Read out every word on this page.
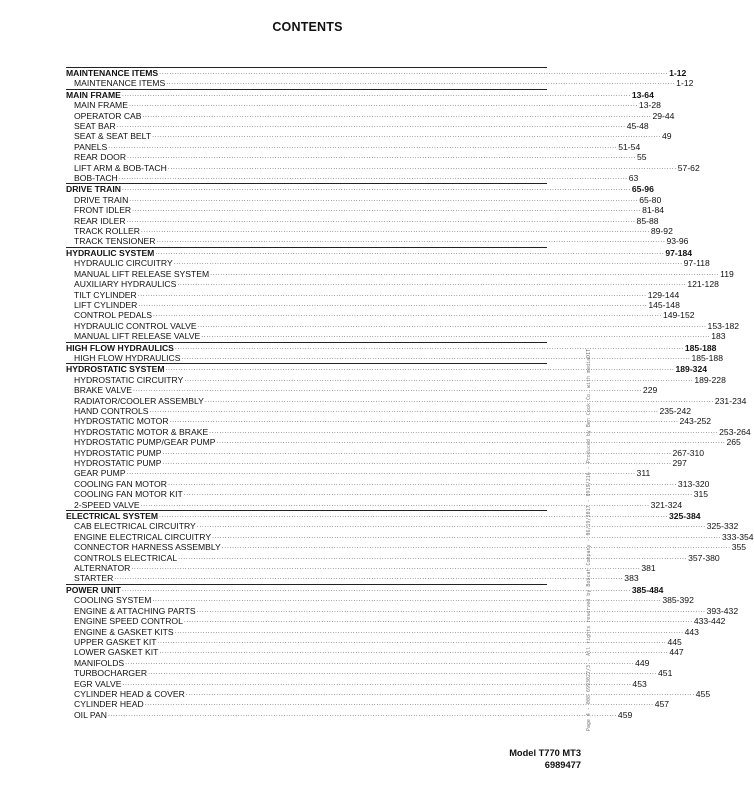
CONTENTS
MAINTENANCE ITEMS ........................................................................................................................................................................................................ 1-12
MAINTENANCE ITEMS ........................................................................................................................................................................................................ 1-12
MAIN FRAME ........................................................................................................................................................................................................ 13-64
MAIN FRAME ........................................................................................................................................................................................................ 13-28
OPERATOR CAB ........................................................................................................................................................................................................ 29-44
SEAT BAR ........................................................................................................................................................................................................ 45-48
SEAT & SEAT BELT ........................................................................................................................................................................................................ 49
PANELS ........................................................................................................................................................................................................ 51-54
REAR DOOR ........................................................................................................................................................................................................ 55
LIFT ARM & BOB-TACH ........................................................................................................................................................................................................ 57-62
BOB-TACH ........................................................................................................................................................................................................ 63
DRIVE TRAIN ........................................................................................................................................................................................................ 65-96
DRIVE TRAIN ........................................................................................................................................................................................................ 65-80
FRONT IDLER ........................................................................................................................................................................................................ 81-84
REAR IDLER ........................................................................................................................................................................................................ 85-88
TRACK ROLLER ........................................................................................................................................................................................................ 89-92
TRACK TENSIONER ........................................................................................................................................................................................................ 93-96
HYDRAULIC SYSTEM ........................................................................................................................................................................................................ 97-184
HYDRAULIC CIRCUITRY ........................................................................................................................................................................................................ 97-118
MANUAL LIFT RELEASE SYSTEM ........................................................................................................................................................................................................ 119
AUXILIARY HYDRAULICS ........................................................................................................................................................................................................ 121-128
TILT CYLINDER ........................................................................................................................................................................................................ 129-144
LIFT CYLINDER ........................................................................................................................................................................................................ 145-148
CONTROL PEDALS ........................................................................................................................................................................................................ 149-152
HYDRAULIC CONTROL VALVE ........................................................................................................................................................................................................ 153-182
MANUAL LIFT RELEASE VALVE ........................................................................................................................................................................................................ 183
HIGH FLOW HYDRAULICS ........................................................................................................................................................................................................ 185-188
HIGH FLOW HYDRAULICS ........................................................................................................................................................................................................ 185-188
HYDROSTATIC SYSTEM ........................................................................................................................................................................................................ 189-324
HYDROSTATIC CIRCUITRY ........................................................................................................................................................................................................ 189-228
BRAKE VALVE ........................................................................................................................................................................................................ 229
RADIATOR/COOLER ASSEMBLY ........................................................................................................................................................................................................ 231-234
HAND CONTROLS ........................................................................................................................................................................................................ 235-242
HYDROSTATIC MOTOR ........................................................................................................................................................................................................ 243-252
HYDROSTATIC MOTOR & BRAKE ........................................................................................................................................................................................................ 253-264
HYDROSTATIC PUMP/GEAR PUMP ........................................................................................................................................................................................................ 265
HYDROSTATIC PUMP ........................................................................................................................................................................................................ 267-310
HYDROSTATIC PUMP ........................................................................................................................................................................................................ 297
GEAR PUMP ........................................................................................................................................................................................................ 311
COOLING FAN MOTOR ........................................................................................................................................................................................................ 313-320
COOLING FAN MOTOR KIT ........................................................................................................................................................................................................ 315
2-SPEED VALVE ........................................................................................................................................................................................................ 321-324
ELECTRICAL SYSTEM ........................................................................................................................................................................................................ 325-384
CAB ELECTRICAL CIRCUITRY ........................................................................................................................................................................................................ 325-332
ENGINE ELECTRICAL CIRCUITRY ........................................................................................................................................................................................................ 333-354
CONNECTOR HARNESS ASSEMBLY ........................................................................................................................................................................................................ 355
CONTROLS ELECTRICAL ........................................................................................................................................................................................................ 357-380
ALTERNATOR ........................................................................................................................................................................................................ 381
STARTER ........................................................................................................................................................................................................ 383
POWER UNIT ........................................................................................................................................................................................................ 385-484
COOLING SYSTEM ........................................................................................................................................................................................................ 385-392
ENGINE & ATTACHING PARTS ........................................................................................................................................................................................................ 393-432
ENGINE SPEED CONTROL ........................................................................................................................................................................................................ 433-442
ENGINE & GASKET KITS ........................................................................................................................................................................................................ 443
UPPER GASKET KIT ........................................................................................................................................................................................................ 445
LOWER GASKET KIT ........................................................................................................................................................................................................ 447
MANIFOLDS ........................................................................................................................................................................................................ 449
TURBOCHARGER ........................................................................................................................................................................................................ 451
EGR VALVE ........................................................................................................................................................................................................ 453
CYLINDER HEAD & COVER ........................................................................................................................................................................................................ 455
CYLINDER HEAD ........................................................................................................................................................................................................ 457
OIL PAN ........................................................................................................................................................................................................ 459
Model T770 MT3
6989477
Page 4 - 008 6993027/3 - All rights reserved by Bobcat Company - 06/19/2017 - 0919/216 - Produced by Ben Cook Co. with mediaDIT
